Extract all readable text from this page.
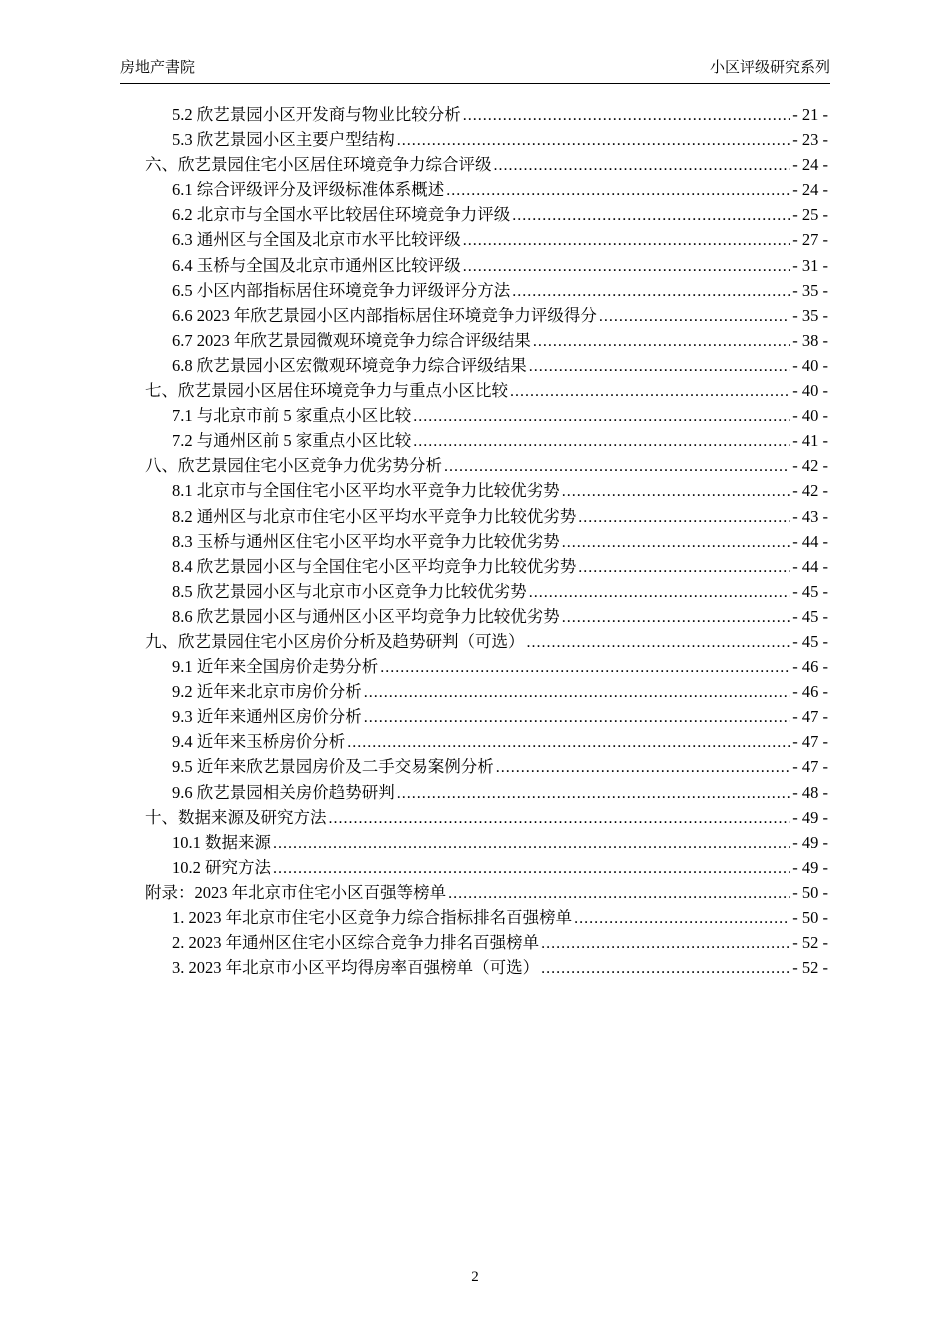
房地产書院	小区评级研究系列
5.2 欣艺景园小区开发商与物业比较分析 .....	- 21 -
5.3 欣艺景园小区主要户型结构 .....	- 23 -
六、欣艺景园住宅小区居住环境竞争力综合评级 .....	- 24 -
6.1 综合评级评分及评级标准体系概述 .....	- 24 -
6.2 北京市与全国水平比较居住环境竞争力评级 .....	- 25 -
6.3 通州区与全国及北京市水平比较评级 .....	- 27 -
6.4 玉桥与全国及北京市通州区比较评级 .....	- 31 -
6.5 小区内部指标居住环境竞争力评级评分方法 .....	- 35 -
6.6 2023 年欣艺景园小区内部指标居住环境竞争力评级得分 .....	- 35 -
6.7 2023 年欣艺景园微观环境竞争力综合评级结果 .....	- 38 -
6.8 欣艺景园小区宏微观环境竞争力综合评级结果 .....	- 40 -
七、欣艺景园小区居住环境竞争力与重点小区比较 .....	- 40 -
7.1 与北京市前 5 家重点小区比较 .....	- 40 -
7.2 与通州区前 5 家重点小区比较 .....	- 41 -
八、欣艺景园住宅小区竞争力优劣势分析 .....	- 42 -
8.1 北京市与全国住宅小区平均水平竞争力比较优劣势 .....	- 42 -
8.2 通州区与北京市住宅小区平均水平竞争力比较优劣势 .....	- 43 -
8.3 玉桥与通州区住宅小区平均水平竞争力比较优劣势 .....	- 44 -
8.4 欣艺景园小区与全国住宅小区平均竞争力比较优劣势 .....	- 44 -
8.5 欣艺景园小区与北京市小区竞争力比较优劣势 .....	- 45 -
8.6 欣艺景园小区与通州区小区平均竞争力比较优劣势 .....	- 45 -
九、欣艺景园住宅小区房价分析及趋势研判（可选） .....	- 45 -
9.1 近年来全国房价走势分析 .....	- 46 -
9.2 近年来北京市房价分析 .....	- 46 -
9.3 近年来通州区房价分析 .....	- 47 -
9.4 近年来玉桥房价分析 .....	- 47 -
9.5 近年来欣艺景园房价及二手交易案例分析 .....	- 47 -
9.6 欣艺景园相关房价趋势研判 .....	- 48 -
十、数据来源及研究方法 .....	- 49 -
10.1 数据来源 .....	- 49 -
10.2 研究方法 .....	- 49 -
附录：2023 年北京市住宅小区百强等榜单 .....	- 50 -
1. 2023 年北京市住宅小区竞争力综合指标排名百强榜单 .....	- 50 -
2. 2023 年通州区住宅小区综合竞争力排名百强榜单 .....	- 52 -
3. 2023 年北京市小区平均得房率百强榜单（可选） .....	- 52 -
2
